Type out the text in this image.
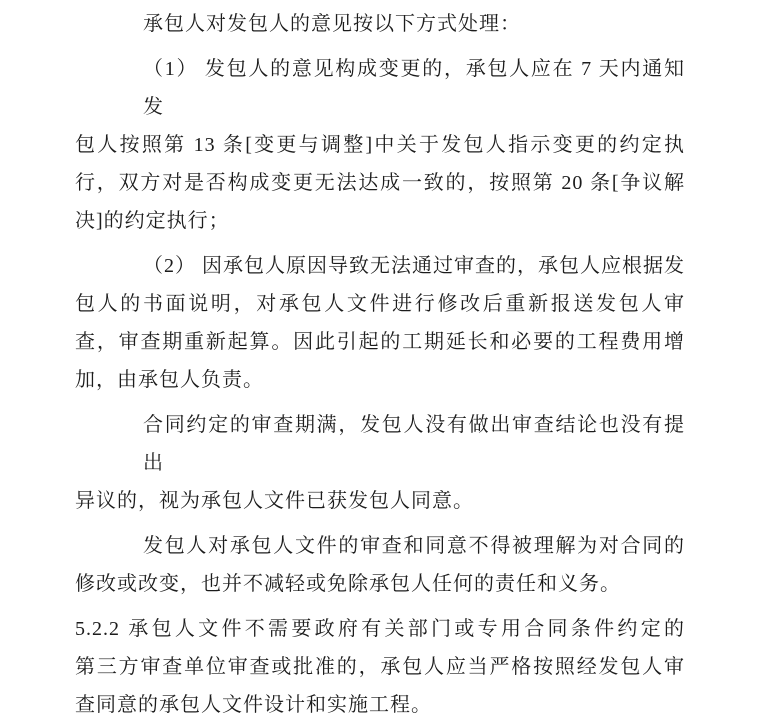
承包人对发包人的意见按以下方式处理：
（1） 发包人的意见构成变更的，承包人应在 7 天内通知发
包人按照第 13 条[变更与调整]中关于发包人指示变更的约定执
行，双方对是否构成变更无法达成一致的，按照第 20 条[争议解
决]的约定执行；
（2） 因承包人原因导致无法通过审查的，承包人应根据发
包人的书面说明，对承包人文件进行修改后重新报送发包人审
查，审查期重新起算。因此引起的工期延长和必要的工程费用增
加，由承包人负责。
合同约定的审查期满，发包人没有做出审查结论也没有提出
异议的，视为承包人文件已获发包人同意。
发包人对承包人文件的审查和同意不得被理解为对合同的
修改或改变，也并不减轻或免除承包人任何的责任和义务。
5.2.2 承包人文件不需要政府有关部门或专用合同条件约定的
第三方审查单位审查或批准的，承包人应当严格按照经发包人审
查同意的承包人文件设计和实施工程。
